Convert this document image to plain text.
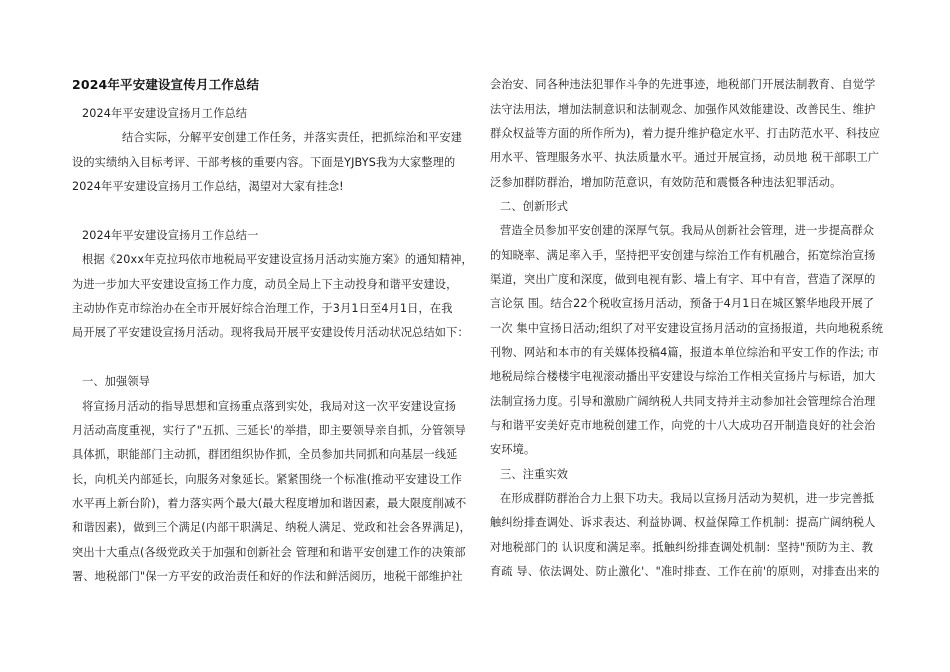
2024年平安建设宣传月工作总结
2024年平安建设宣扬月工作总结
结合实际，分解平安创建工作任务，并落实责任，把抓综治和平安建
设的实绩纳入目标考评、干部考核的重要内容。下面是YJBYS我为大家整理的
2024年平安建设宣扬月工作总结，渴望对大家有挂念!
2024年平安建设宣扬月工作总结一
根据《20xx年克拉玛依市地税局平安建设宣扬月活动实施方案》的通知精神，
为进一步加大平安建设宣扬工作力度，动员全局上下主动投身和谐平安建设，
主动协作克市综治办在全市开展好综合治理工作，于3月1日至4月1日，在我
局开展了平安建设宣扬月活动。现将我局开展平安建设传月活动状况总结如下：
一、加强领导
将宣扬月活动的指导思想和宣扬重点落到实处，我局对这一次平安建设宣扬
月活动高度重视，实行了"五抓、三延长'的举措，即主要领导亲自抓，分管领导
具体抓，职能部门主动抓，群团组织协作抓，全员参加共同抓和向基层一线延
长，向机关内部延长，向服务对象延长。紧紧围绕一个标准(推动平安建设工作
水平再上新台阶)，着力落实两个最大(最大程度增加和谐因素，最大限度削减不
和谐因素)，做到三个满足(内部干职满足、纳税人满足、党政和社会各界满足)，
突出十大重点(各级党政关于加强和创新社会 管理和和谐平安创建工作的决策部
署、地税部门"保一方平安的政治责任和好的作法和鲜活阅历，地税干部维护社
会治安、同各种违法犯罪作斗争的先进事迹，地税部门开展法制教育、自觉学
法守法用法，增加法制意识和法制观念、加强作风效能建设、改善民生、维护
群众权益等方面的所作所为)，着力提升维护稳定水平、打击防范水平、科技应
用水平、管理服务水平、执法质量水平。通过开展宣扬，动员地 税干部职工广
泛参加群防群治，增加防范意识，有效防范和震慑各种违法犯罪活动。
二、创新形式
营造全员参加平安创建的深厚气氛。我局从创新社会管理，进一步提高群众
的知晓率、满足率入手，坚持把平安创建与综治工作有机融合，拓宽综治宣扬
渠道，突出广度和深度，做到电视有影、墙上有字、耳中有音，营造了深厚的
言论氛 围。结合22个税收宣扬月活动，预备于4月1日在城区繁华地段开展了
一次 集中宣扬日活动;组织了对平安建设宣扬月活动的宣扬报道，共向地税系统
刊物、网站和本市的有关媒体投稿4篇，报道本单位综治和平安工作的作法; 市
地税局综合楼楼宇电视滚动播出平安建设与综治工作相关宣扬片与标语，加大
法制宣扬力度。引导和激励广阔纳税人共同支持并主动参加社会管理综合治理
与和谐平安美好克市地税创建工作，向党的十八大成功召开制造良好的社会治
安环境。
三、注重实效
在形成群防群治合力上狠下功夫。我局以宣扬月活动为契机，进一步完善抵
触纠纷排查调处、诉求表达、利益协调、权益保障工作机制：提高广阔纳税人
对地税部门的 认识度和满足率。抵触纠纷排查调处机制：坚持"预防为主、教
育疏 导、依法调处、防止激化'、"准时排查、工作在前'的原则，对排查出来的
